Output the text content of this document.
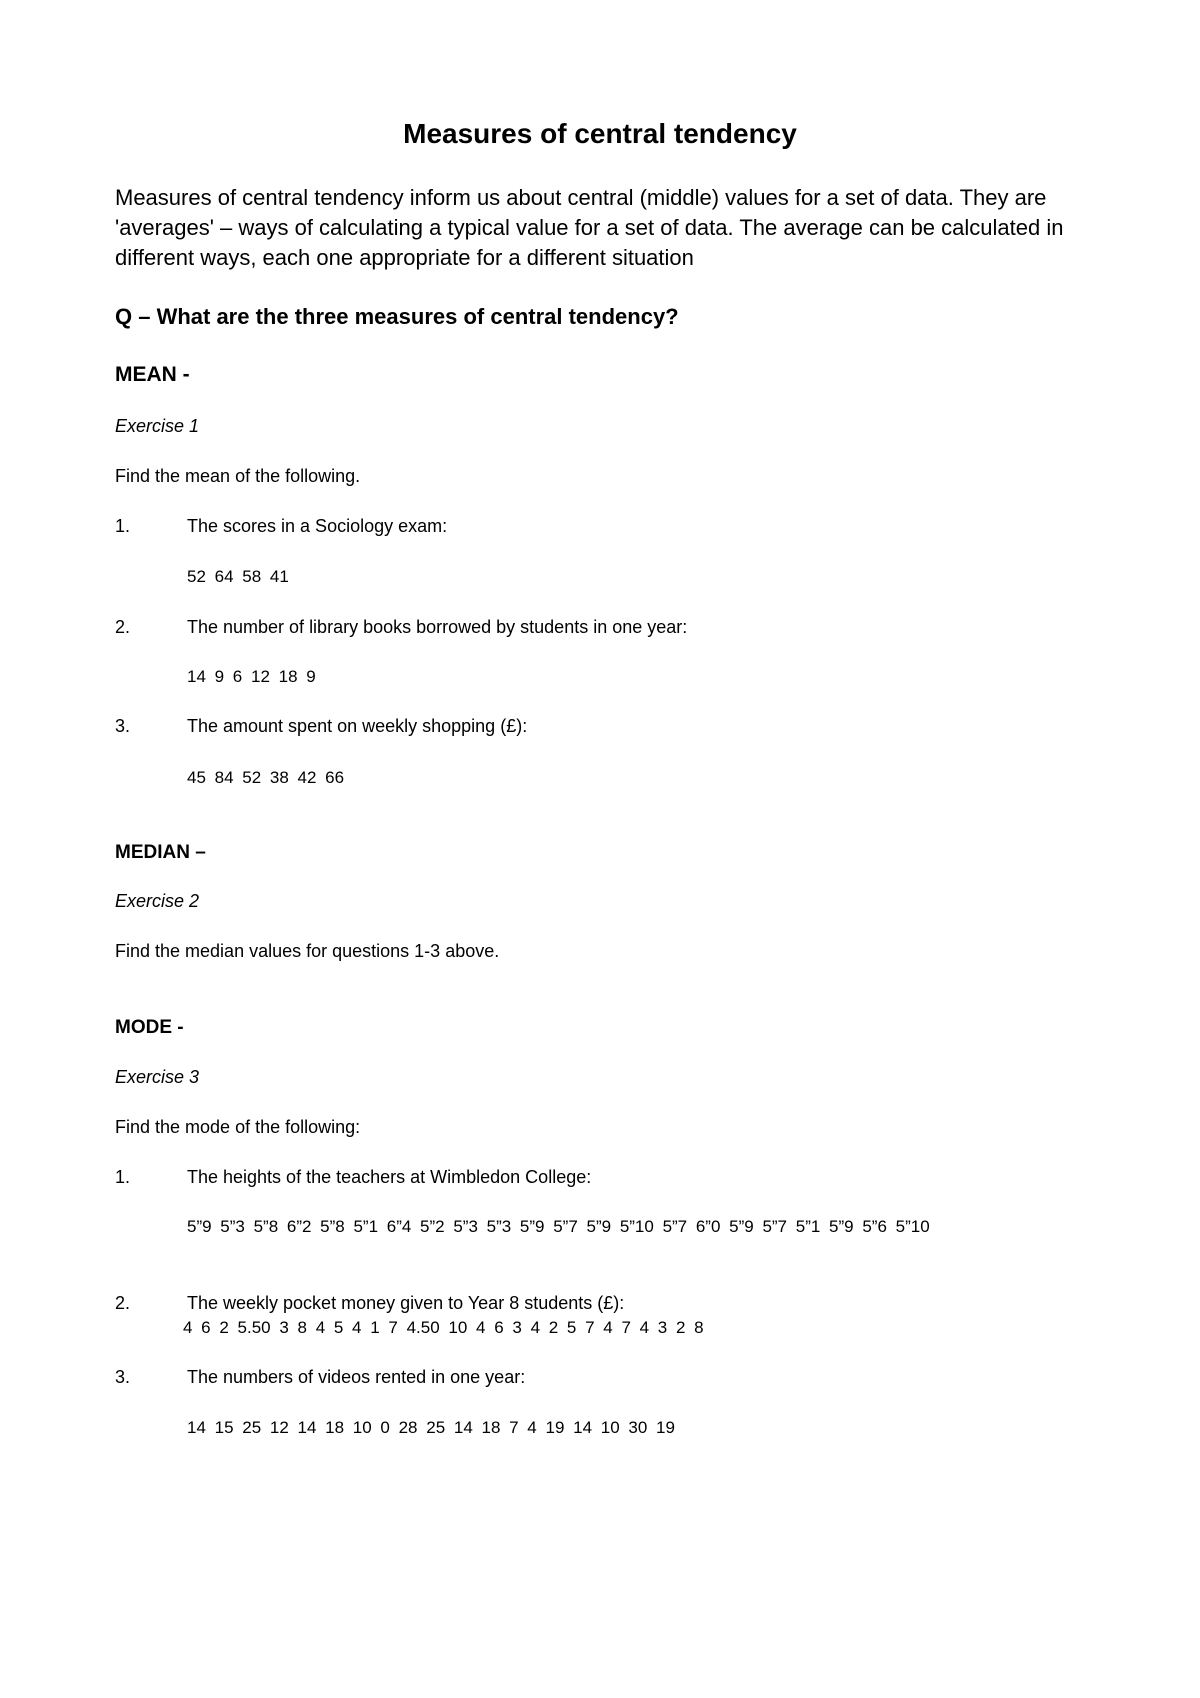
Measures of central tendency
Measures of central tendency inform us about central (middle) values for a set of data. They are 'averages' – ways of calculating a typical value for a set of data. The average can be calculated in different ways, each one appropriate for a different situation
Q – What are the three measures of central tendency?
MEAN -
Exercise 1
Find the mean of the following.
1.	The scores in a Sociology exam:
52 64 58 41
2.	The number of library books borrowed by students in one year:
14 9 6 12 18 9
3.	The amount spent on weekly shopping (£):
45 84 52 38 42 66
MEDIAN –
Exercise 2
Find the median values for questions 1-3 above.
MODE -
Exercise 3
Find the mode of the following:
1.	The heights of the teachers at Wimbledon College:
5”9 5”3 5”8 6”2 5”8 5”1 6”4 5”2 5”3 5”3 5”9 5”7 5”9 5”10 5”7 6”0 5”9 5”7 5”1 5”9 5”6 5”10
2.	The weekly pocket money given to Year 8 students (£):
4 6 2 5.50 3 8 4 5 4 1 7 4.50 10 4 6 3 4 2 5 7 4 7 4 3 2 8
3.	The numbers of videos rented in one year:
14 15 25 12 14 18 10 0 28 25 14 18 7 4 19 14 10 30 19
